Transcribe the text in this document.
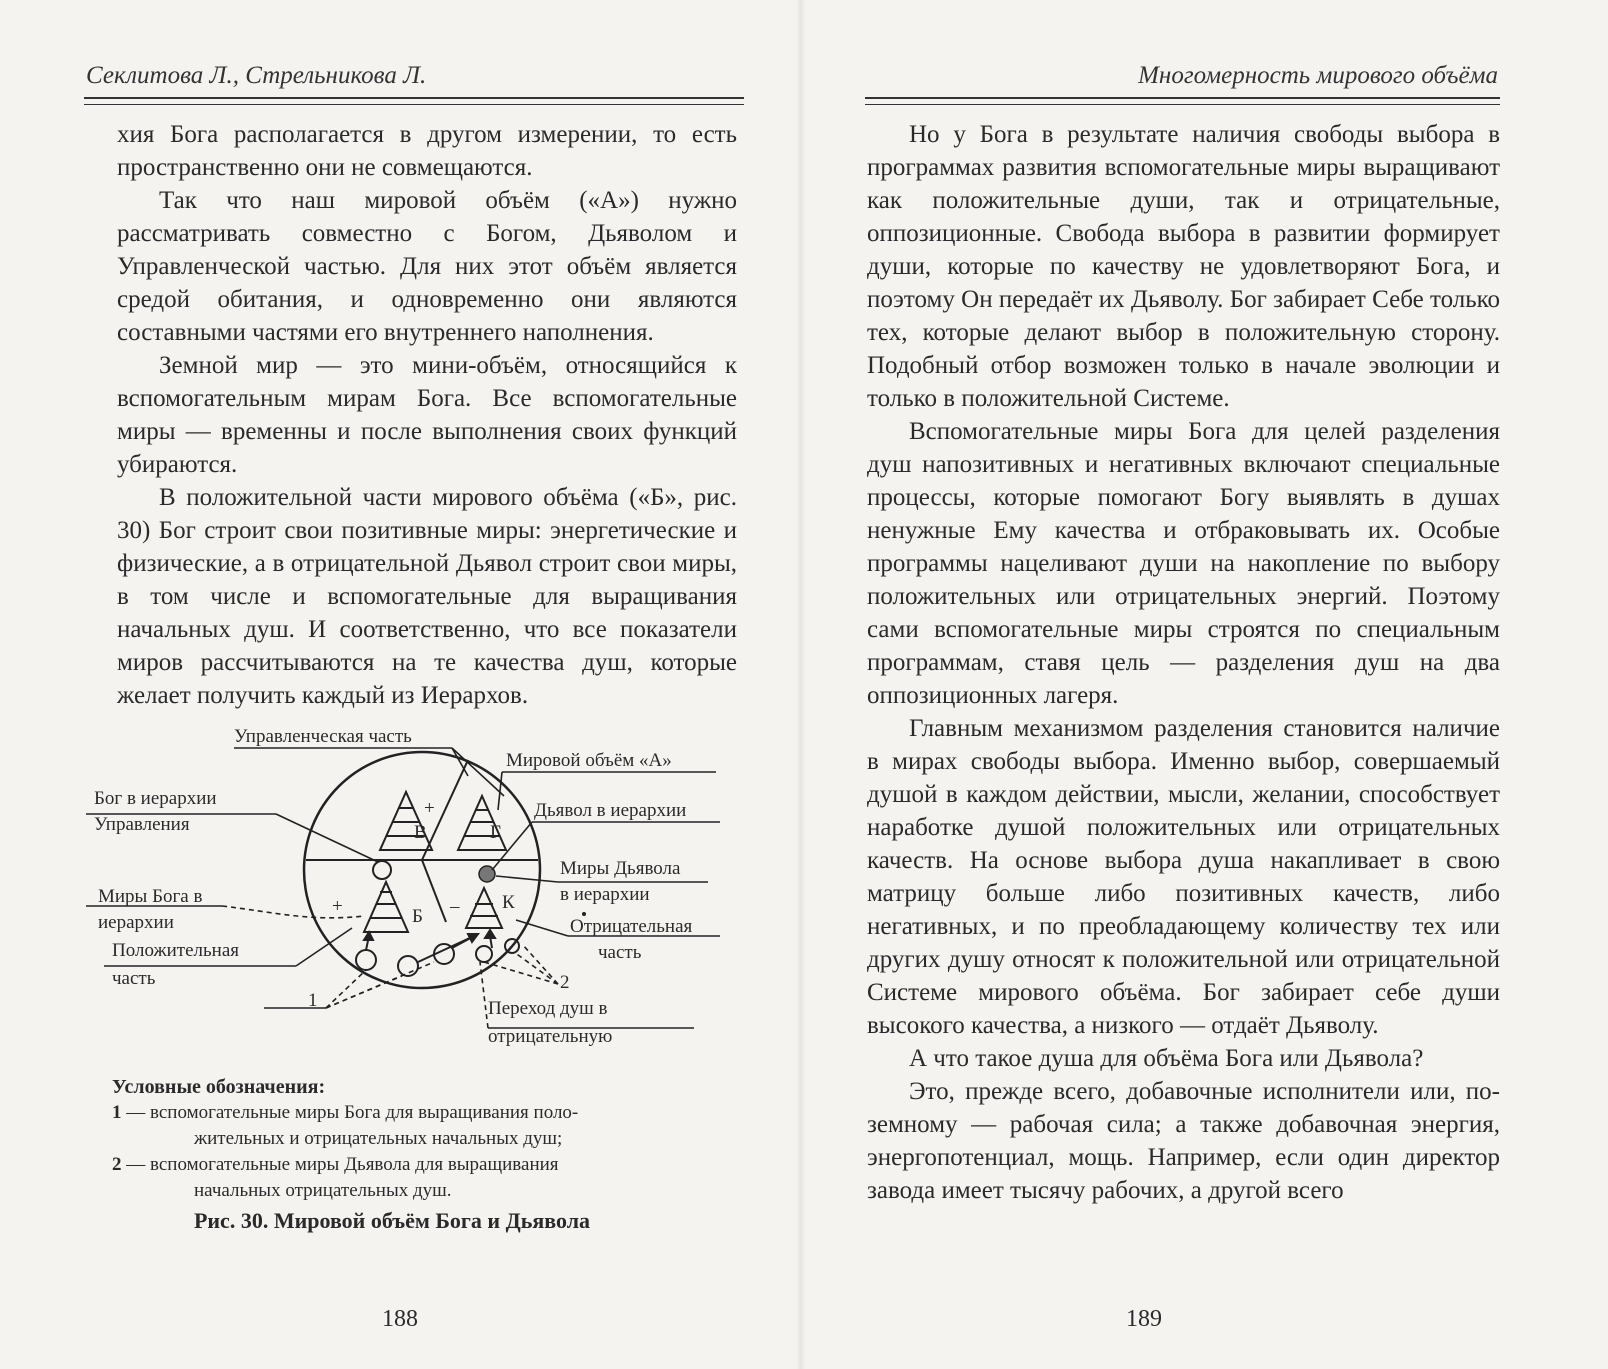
Секлитова Л., Стрельникова Л.

хия Бога располагается в другом измерении, то есть пространственно они не совмещаются.

Так что наш мировой объём («А») нужно рассматривать совместно с Богом, Дьяволом и Управленческой частью. Для них этот объём является средой обитания, и одновременно они являются составными частями его внутреннего наполнения.

Земной мир — это мини-объём, относящийся к вспомогательным мирам Бога. Все вспомогательные миры — временны и после выполнения своих функций убираются.

В положительной части мирового объёма («Б», рис. 30) Бог строит свои позитивные миры: энергетические и физические, а в отрицательной Дьявол строит свои миры, в том числе и вспомогательные для выращивания начальных душ. И соответственно, что все показатели миров рассчитываются на те качества душ, которые желает получить каждый из Иерархов.

В	Г
Б
К
+ –
+	–
Управленческая часть
Мировой объём «А»
Бог в иерархии
Управления
Дьявол в иерархии
Миры Дьявола
в иерархии
Миры Бога в
иерархии	Отрицательная
часть
Положительная
часть
1
2
Переход душ в
отрицательную
Условные обозначения:
1 — вспомогательные миры Бога для выращивания поло-
жительных и отрицательных начальных душ;
2 — вспомогательные миры Дьявола для выращивания
начальных отрицательных душ.
Рис. 30. Мировой объём Бога и Дьявола
188
Многомерность мирового объёма

Но у Бога в результате наличия свободы выбора в программах развития вспомогательные миры выращивают как положительные души, так и отрицательные, оппозиционные. Свобода выбора в развитии формирует души, которые по качеству не удовлетворяют Бога, и поэтому Он передаёт их Дьяволу. Бог забирает Себе только тех, которые делают выбор в положительную сторону. Подобный отбор возможен только в начале эволюции и только в положительной Системе.

Вспомогательные миры Бога для целей разделения душ напозитивных и негативных включают специальные процессы, которые помогают Богу выявлять в душах ненужные Ему качества и отбраковывать их. Особые программы нацеливают души на накопление по выбору положительных или отрицательных энергий. Поэтому сами вспомогательные миры строятся по специальным программам, ставя цель — разделения душ на два оппозиционных лагеря.

Главным механизмом разделения становится наличие в мирах свободы выбора. Именно выбор, совершаемый душой в каждом действии, мысли, желании, способствует наработке душой положительных или отрицательных качеств. На основе выбора душа накапливает в свою матрицу больше либо позитивных качеств, либо негативных, и по преобладающему количеству тех или других душу относят к положительной или отрицательной Системе мирового объёма. Бог забирает себе души высокого качества, а низкого — отдаёт Дьяволу.

А что такое душа для объёма Бога или Дьявола?

Это, прежде всего, добавочные исполнители или, по-земному — рабочая сила; а также добавочная энергия, энергопотенциал, мощь. Например, если один директор завода имеет тысячу рабочих, а другой всего

189
